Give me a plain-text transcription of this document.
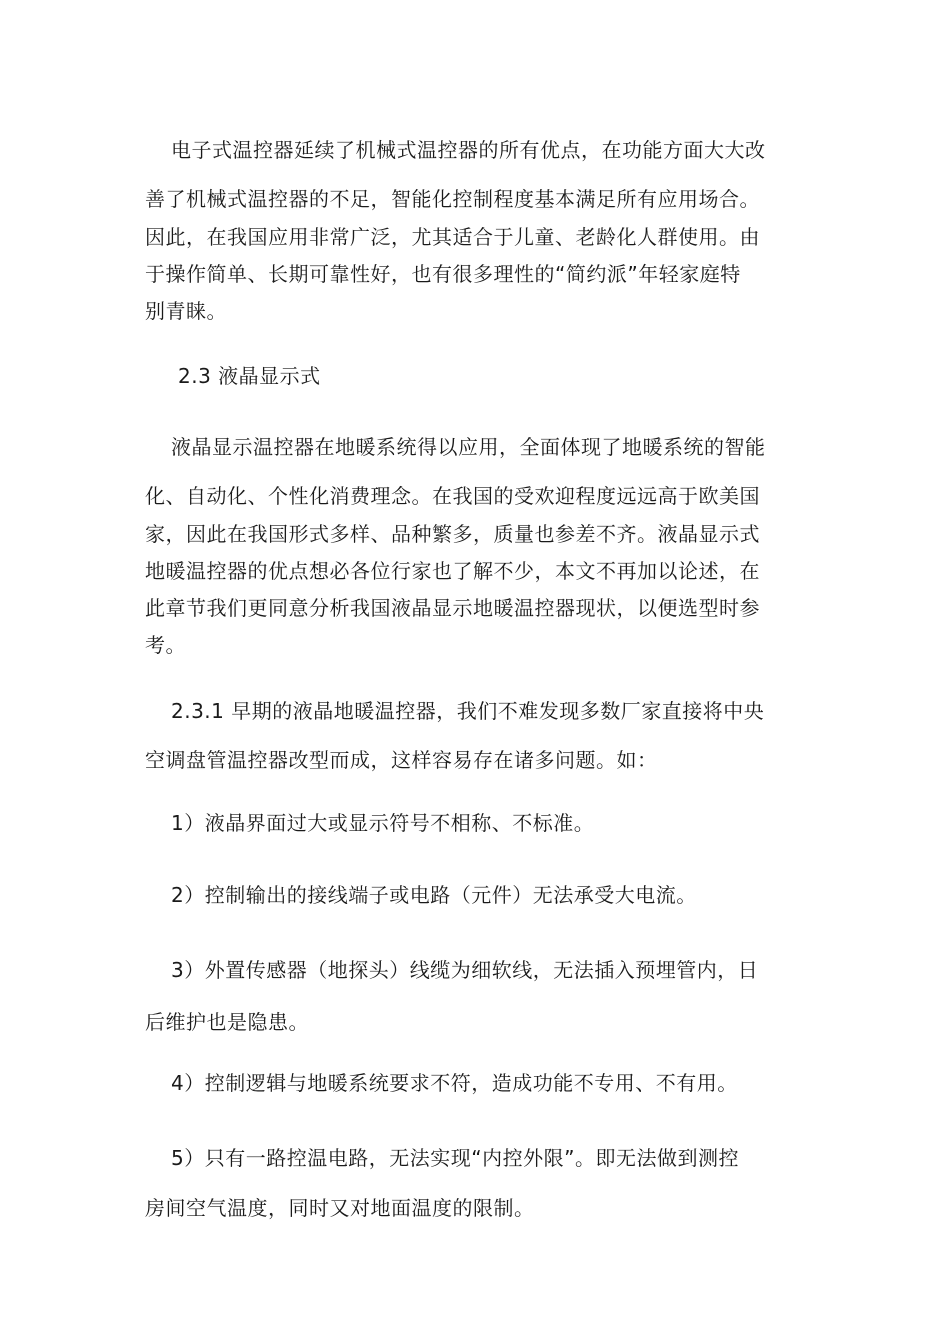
电子式温控器延续了机械式温控器的所有优点，在功能方面大大改
善了机械式温控器的不足，智能化控制程度基本满足所有应用场合。
因此，在我国应用非常广泛，尤其适合于儿童、老龄化人群使用。由
于操作简单、长期可靠性好，也有很多理性的“简约派”年轻家庭特
别青睐。
2.3 液晶显示式
液晶显示温控器在地暖系统得以应用，全面体现了地暖系统的智能
化、自动化、个性化消费理念。在我国的受欢迎程度远远高于欧美国
家，因此在我国形式多样、品种繁多，质量也参差不齐。液晶显示式
地暖温控器的优点想必各位行家也了解不少，本文不再加以论述，在
此章节我们更同意分析我国液晶显示地暖温控器现状，以便选型时参
考。
2.3.1 早期的液晶地暖温控器，我们不难发现多数厂家直接将中央
空调盘管温控器改型而成，这样容易存在诸多问题。如：
1）液晶界面过大或显示符号不相称、不标准。
2）控制输出的接线端子或电路（元件）无法承受大电流。
3）外置传感器（地探头）线缆为细软线，无法插入预埋管内，日
后维护也是隐患。
4）控制逻辑与地暖系统要求不符，造成功能不专用、不有用。
5）只有一路控温电路，无法实现“内控外限”。即无法做到测控
房间空气温度，同时又对地面温度的限制。
